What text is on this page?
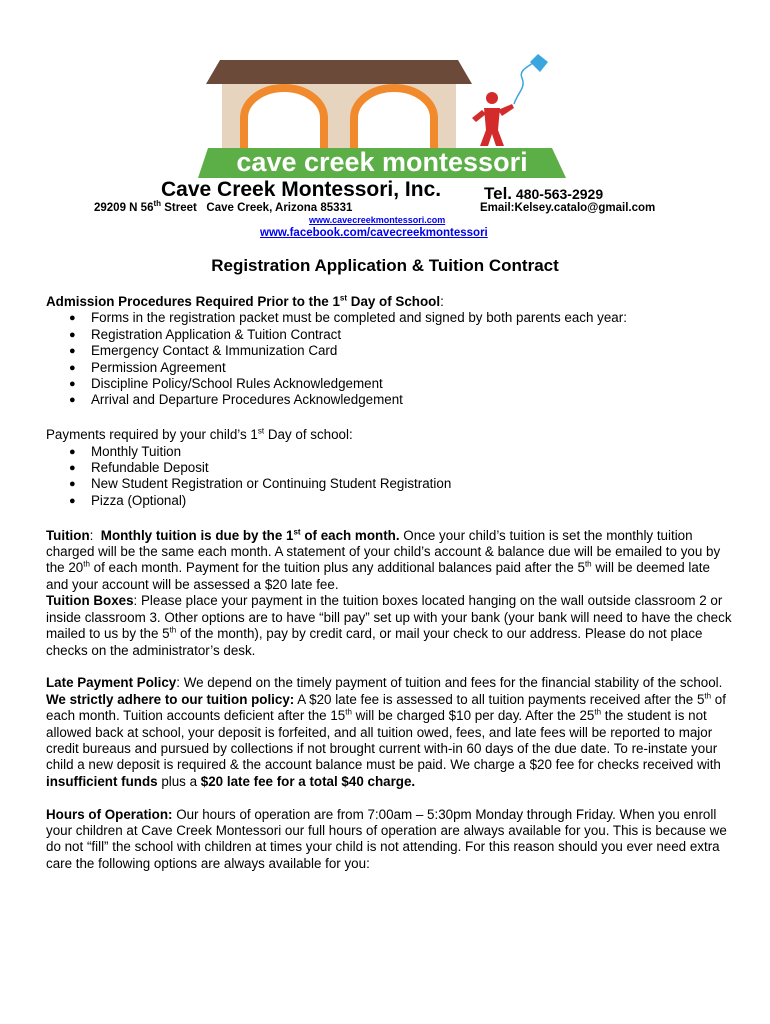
cave creek montessori
Cave Creek Montessori, Inc.	Tel. 480-563-2929
29209 N 56th Street   Cave Creek, Arizona 85331	Email:Kelsey.catalo@gmail.com
www.cavecreekmontessori.com
www.facebook.com/cavecreekmontessori
Registration Application & Tuition Contract

Admission Procedures Required Prior to the 1st Day of School:

● Forms in the registration packet must be completed and signed by both parents each year:
● Registration Application & Tuition Contract
● Emergency Contact & Immunization Card
● Permission Agreement
● Discipline Policy/School Rules Acknowledgement
● Arrival and Departure Procedures Acknowledgement

Payments required by your child’s 1st Day of school:

● Monthly Tuition
● Refundable Deposit
● New Student Registration or Continuing Student Registration
● Pizza (Optional)

Tuition:  Monthly tuition is due by the 1st of each month. Once your child’s tuition is set the monthly tuition charged will be the same each month. A statement of your child’s account & balance due will be emailed to you by the 20th of each month. Payment for the tuition plus any additional balances paid after the 5th will be deemed late and your account will be assessed a $20 late fee.

Tuition Boxes: Please place your payment in the tuition boxes located hanging on the wall outside classroom 2 or inside classroom 3. Other options are to have “bill pay” set up with your bank (your bank will need to have the check mailed to us by the 5th of the month), pay by credit card, or mail your check to our address. Please do not place checks on the administrator’s desk.

Late Payment Policy: We depend on the timely payment of tuition and fees for the financial stability of the school. We strictly adhere to our tuition policy: A $20 late fee is assessed to all tuition payments received after the 5th of each month. Tuition accounts deficient after the 15th will be charged $10 per day. After the 25th the student is not allowed back at school, your deposit is forfeited, and all tuition owed, fees, and late fees will be reported to major credit bureaus and pursued by collections if not brought current with-in 60 days of the due date. To re-instate your child a new deposit is required & the account balance must be paid. We charge a $20 fee for checks received with insufficient funds plus a $20 late fee for a total $40 charge.

Hours of Operation: Our hours of operation are from 7:00am – 5:30pm Monday through Friday. When you enroll your children at Cave Creek Montessori our full hours of operation are always available for you. This is because we do not “fill” the school with children at times your child is not attending. For this reason should you ever need extra care the following options are always available for you:
